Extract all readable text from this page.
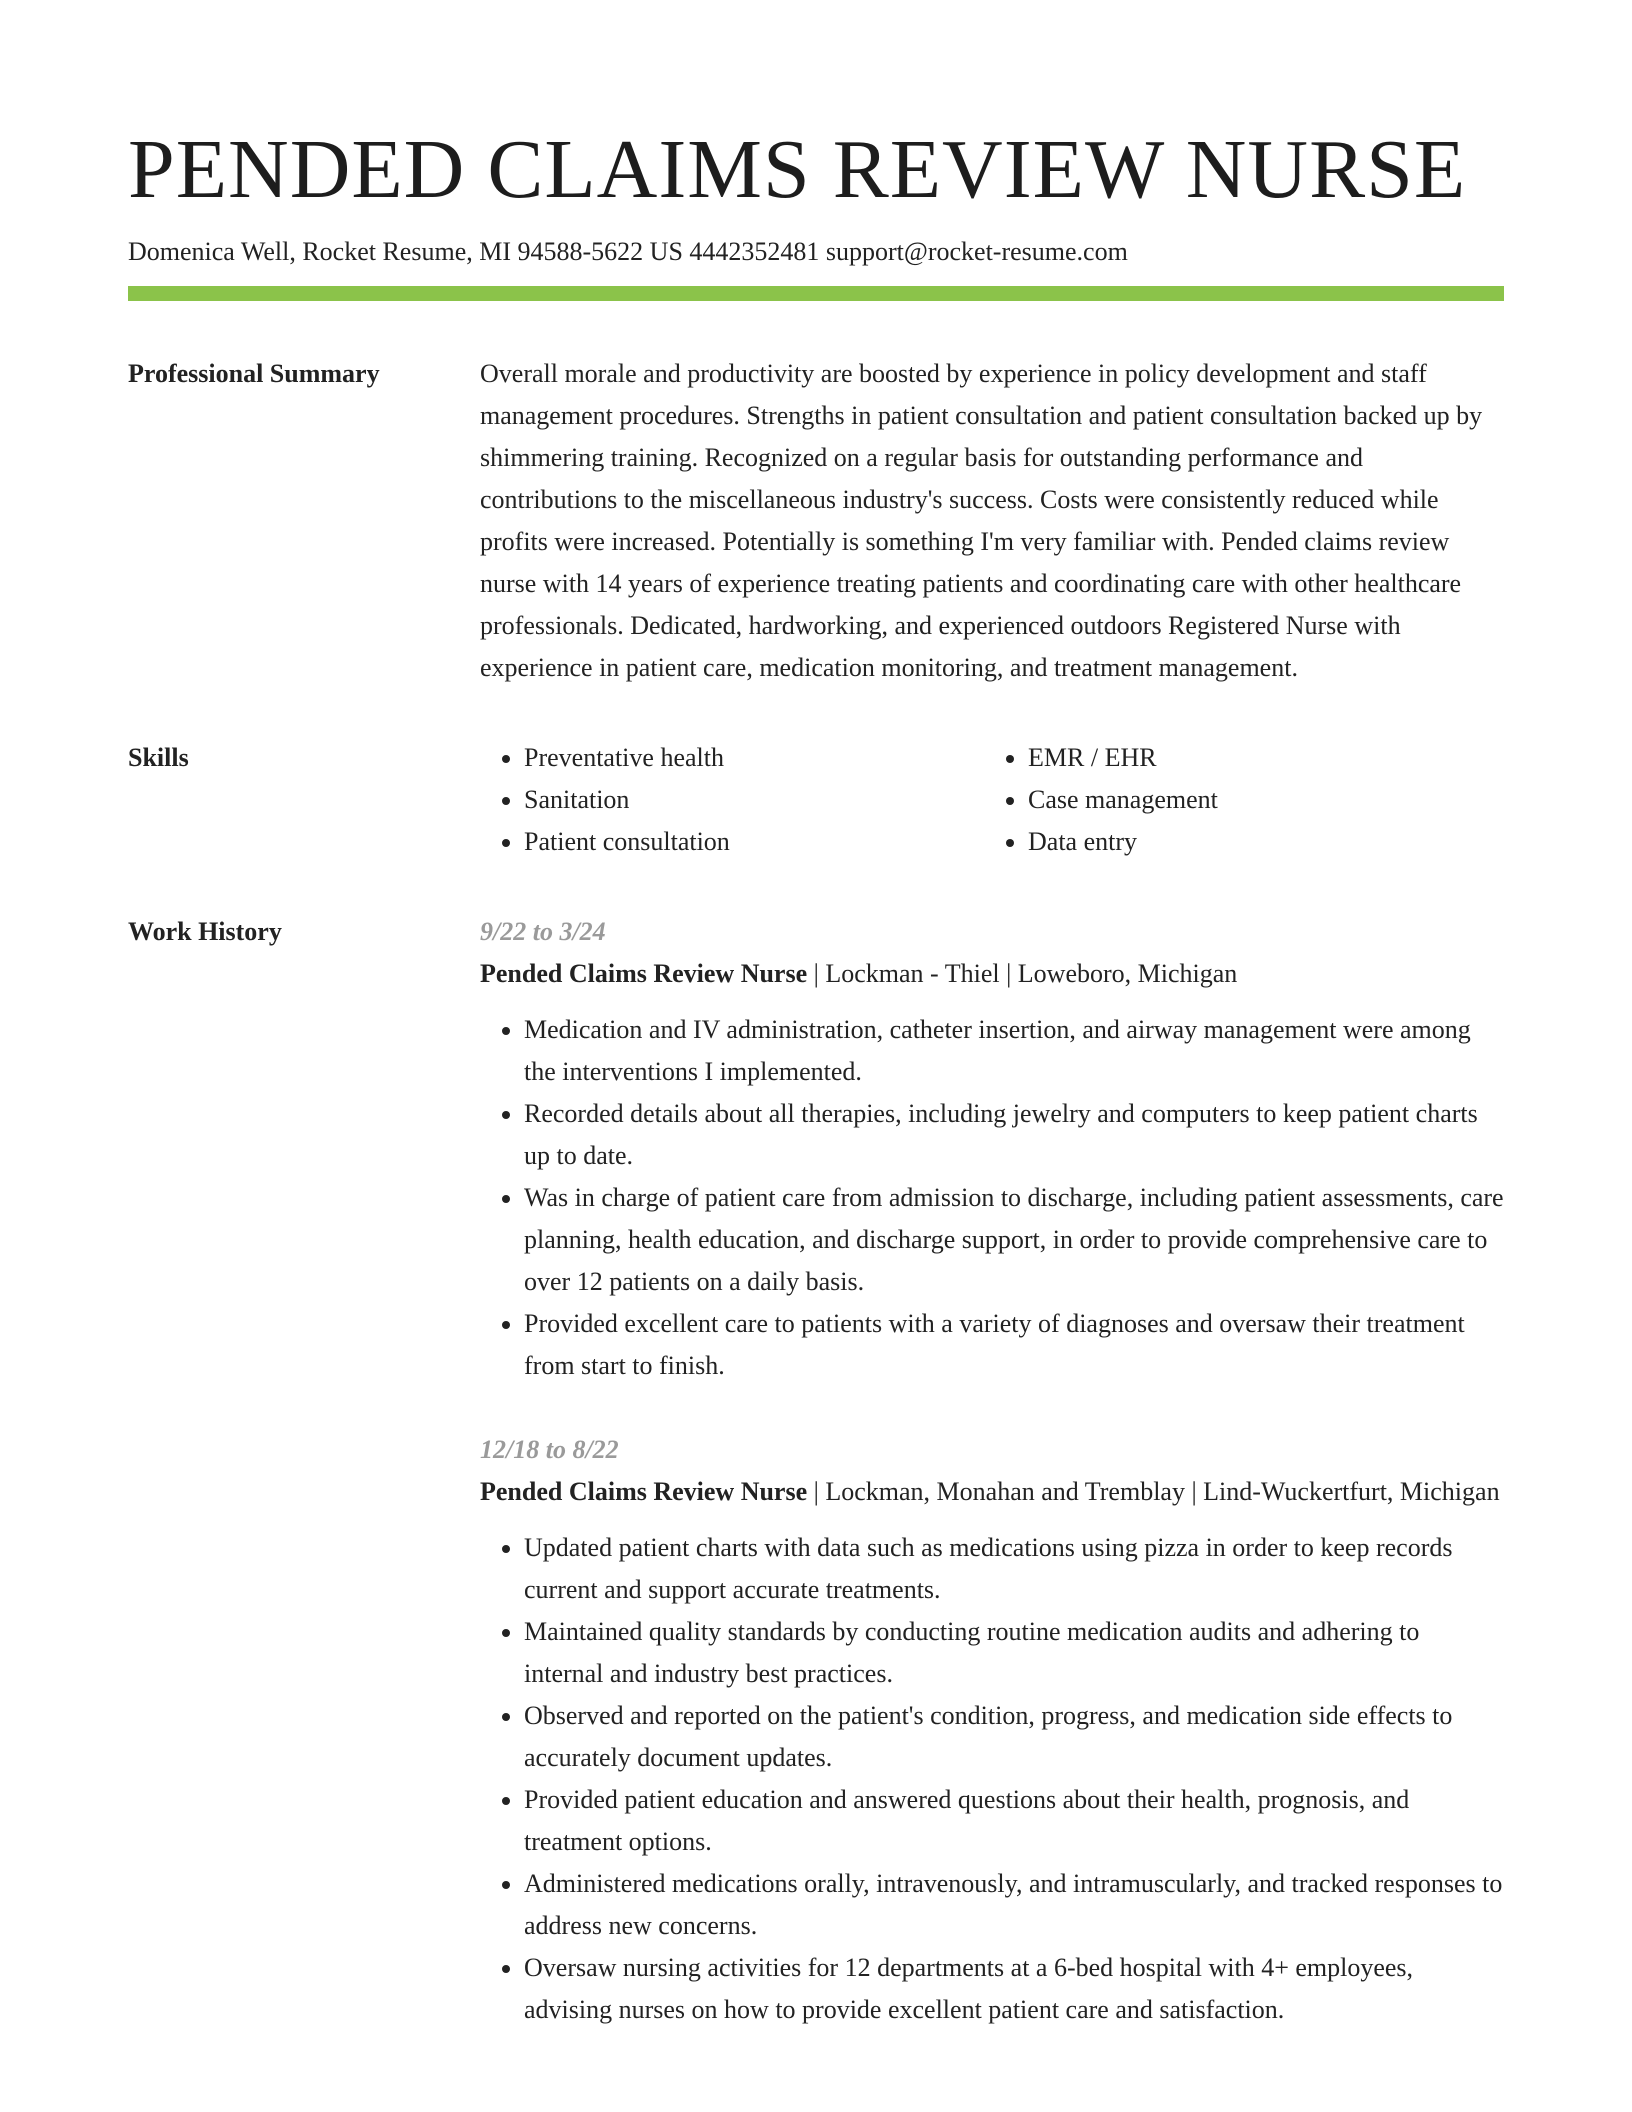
PENDED CLAIMS REVIEW NURSE
Domenica Well, Rocket Resume, MI 94588-5622 US 4442352481 support@rocket-resume.com
Professional Summary	Overall morale and productivity are boosted by experience in policy development and staff management procedures. Strengths in patient consultation and patient consultation backed up by shimmering training. Recognized on a regular basis for outstanding performance and contributions to the miscellaneous industry's success. Costs were consistently reduced while profits were increased. Potentially is something I'm very familiar with. Pended claims review nurse with 14 years of experience treating patients and coordinating care with other healthcare professionals. Dedicated, hardworking, and experienced outdoors Registered Nurse with experience in patient care, medication monitoring, and treatment management.

Skills
•	Preventative health
• Sanitation
• Patient consultation
• EMR / EHR
• Case management
• Data entry
Work History	9/22 to 3/24
Pended Claims Review Nurse | Lockman - Thiel | Loweboro, Michigan
• Medication and IV administration, catheter insertion, and airway management were among the interventions I implemented.
• Recorded details about all therapies, including jewelry and computers to keep patient charts up to date.
• Was in charge of patient care from admission to discharge, including patient assessments, care planning, health education, and discharge support, in order to provide comprehensive care to over 12 patients on a daily basis.
• Provided excellent care to patients with a variety of diagnoses and oversaw their treatment from start to finish.
12/18 to 8/22
Pended Claims Review Nurse | Lockman, Monahan and Tremblay | Lind-Wuckertfurt, Michigan
• Updated patient charts with data such as medications using pizza in order to keep records current and support accurate treatments.
• Maintained quality standards by conducting routine medication audits and adhering to internal and industry best practices.
• Observed and reported on the patient's condition, progress, and medication side effects to accurately document updates.
• Provided patient education and answered questions about their health, prognosis, and treatment options.
• Administered medications orally, intravenously, and intramuscularly, and tracked responses to address new concerns.
• Oversaw nursing activities for 12 departments at a 6-bed hospital with 4+ employees, advising nurses on how to provide excellent patient care and satisfaction.
